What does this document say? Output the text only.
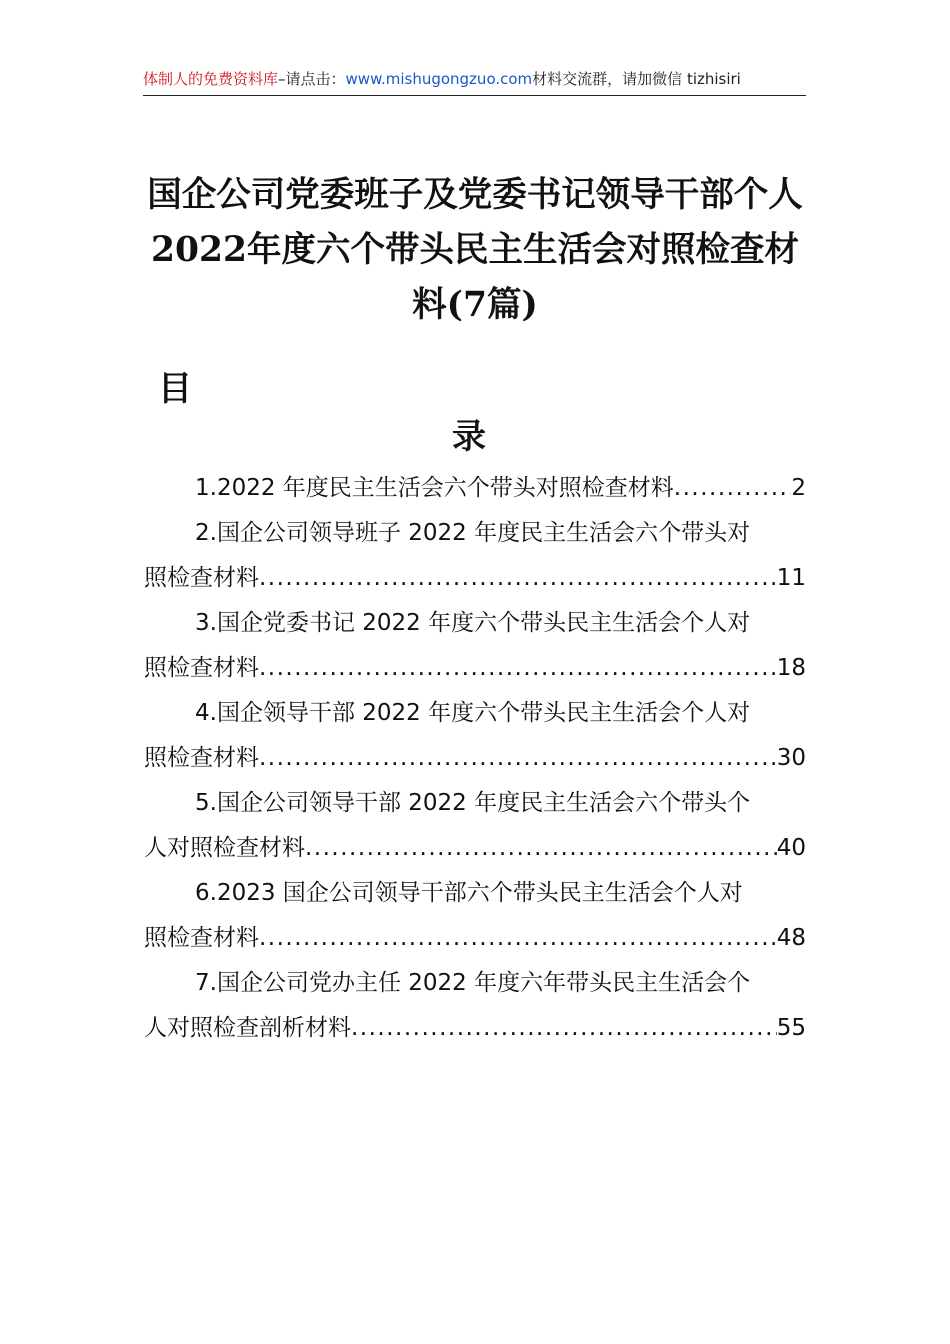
体制人的免费资料库–请点击：www.mishugongzuo.com材料交流群，请加微信 tizhisiri
国企公司党委班子及党委书记领导干部个人2022年度六个带头民主生活会对照检查材料(7篇)
目
录
1.2022 年度民主生活会六个带头对照检查材料 .....	2
2.国企公司领导班子 2022 年度民主生活会六个带头对
照检查材料 .....	11
3.国企党委书记 2022 年度六个带头民主生活会个人对
照检查材料 .....	18
4.国企领导干部 2022 年度六个带头民主生活会个人对
照检查材料 .....	30
5.国企公司领导干部 2022 年度民主生活会六个带头个
人对照检查材料 .....	40
6.2023 国企公司领导干部六个带头民主生活会个人对
照检查材料 .....	48
7.国企公司党办主任 2022 年度六年带头民主生活会个
人对照检查剖析材料 .....	55
